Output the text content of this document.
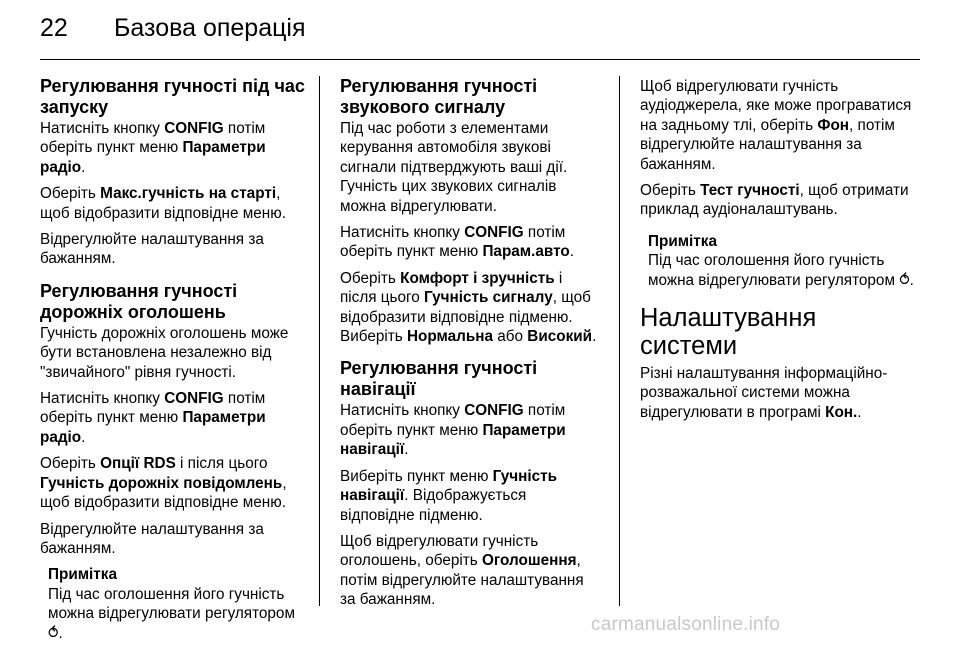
22 Базова операція
Регулювання гучності під час запуску

Натисніть кнопку CONFIG потім оберіть пункт меню Параметри радіо.

Оберіть Макс.гучність на старті, щоб відобразити відповідне меню.

Відрегулюйте налаштування за бажанням.

Регулювання гучності дорожніх оголошень

Гучність дорожніх оголошень може бути встановлена незалежно від "звичайного" рівня гучності.

Натисніть кнопку CONFIG потім оберіть пункт меню Параметри радіо.

Оберіть Опції RDS і після цього Гучність дорожніх повідомлень, щоб відобразити відповідне меню.

Відрегулюйте налаштування за бажанням.

Примітка
Під час оголошення його гучність можна відрегулювати регулятором ⥀.
Регулювання гучності звукового сигналу

Під час роботи з елементами керування автомобіля звукові сигнали підтверджують ваші дії. Гучність цих звукових сигналів можна відрегулювати.

Натисніть кнопку CONFIG потім оберіть пункт меню Парам.авто.

Оберіть Комфорт і зручність і після цього Гучність сигналу, щоб відобразити відповідне підменю. Виберіть Нормальна або Високий.

Регулювання гучності навігації

Натисніть кнопку CONFIG потім оберіть пункт меню Параметри навігації.

Виберіть пункт меню Гучність навігації. Відображується відповідне підменю.

Щоб відрегулювати гучність оголошень, оберіть Оголошення, потім відрегулюйте налаштування за бажанням.

Щоб відрегулювати гучність аудіоджерела, яке може програватися на задньому тлі, оберіть Фон, потім відрегулюйте налаштування за бажанням.

Оберіть Тест гучності, щоб отримати приклад аудіоналаштувань.

Примітка
Під час оголошення його гучність можна відрегулювати регулятором ⥀.
Налаштування системи

Різні налаштування інформаційно-розважальної системи можна відрегулювати в програмі Кон..

carmanualsonline.info
